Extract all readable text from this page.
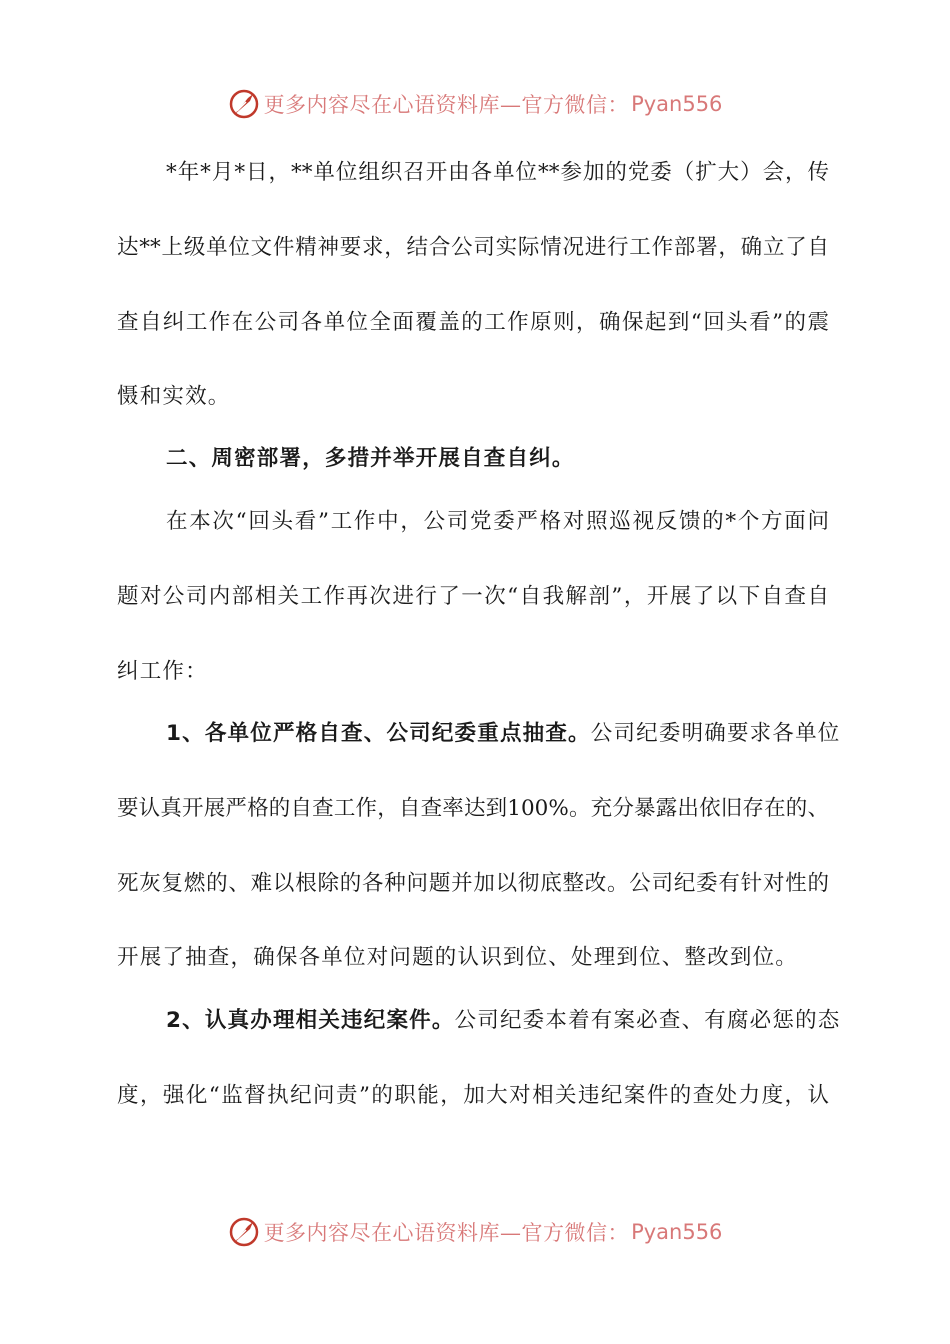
更多内容尽在心语资料库—官方微信： Pyan556
*年*月*日，**单位组织召开由各单位**参加的党委（扩大）会，传
达**上级单位文件精神要求，结合公司实际情况进行工作部署，确立了自
查自纠工作在公司各单位全面覆盖的工作原则，确保起到“回头看”的震
慑和实效。
二、周密部署，多措并举开展自查自纠。
在本次“回头看”工作中，公司党委严格对照巡视反馈的*个方面问
题对公司内部相关工作再次进行了一次“自我解剖”，开展了以下自查自
纠工作：
1、各单位严格自查、公司纪委重点抽查。公司纪委明确要求各单位
要认真开展严格的自查工作，自查率达到100%。充分暴露出依旧存在的、
死灰复燃的、难以根除的各种问题并加以彻底整改。公司纪委有针对性的
开展了抽查，确保各单位对问题的认识到位、处理到位、整改到位。
2、认真办理相关违纪案件。公司纪委本着有案必查、有腐必惩的态
度，强化“监督执纪问责”的职能，加大对相关违纪案件的查处力度，认
更多内容尽在心语资料库—官方微信： Pyan556
